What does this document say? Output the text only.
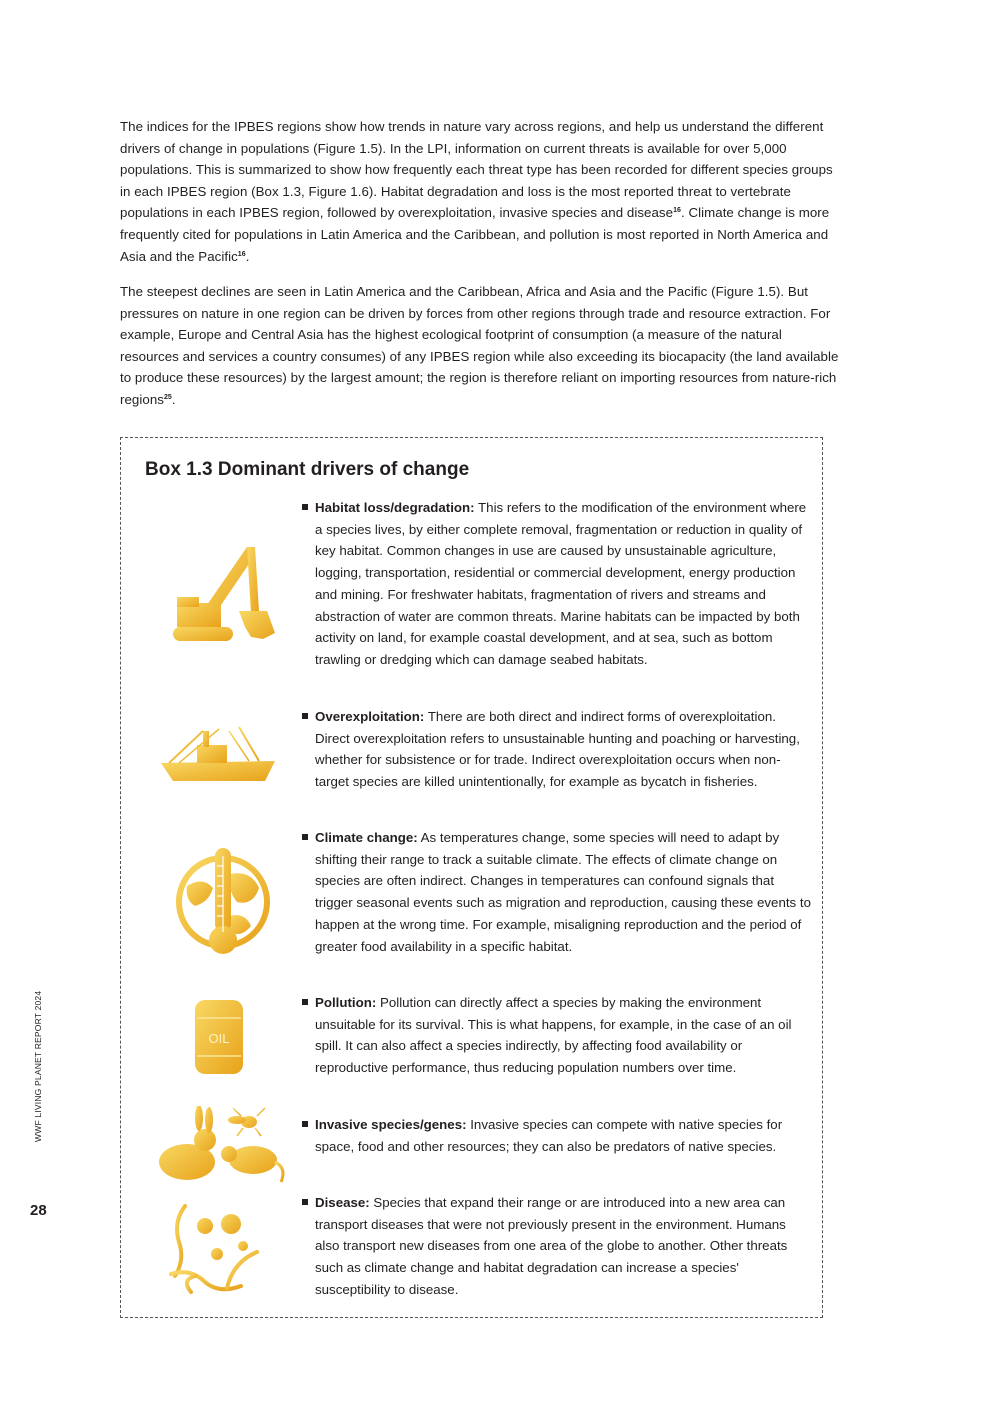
The indices for the IPBES regions show how trends in nature vary across regions, and help us understand the different drivers of change in populations (Figure 1.5). In the LPI, information on current threats is available for over 5,000 populations. This is summarized to show how frequently each threat type has been recorded for different species groups in each IPBES region (Box 1.3, Figure 1.6). Habitat degradation and loss is the most reported threat to vertebrate populations in each IPBES region, followed by overexploitation, invasive species and disease$^{16}$. Climate change is more frequently cited for populations in Latin America and the Caribbean, and pollution is most reported in North America and Asia and the Pacific$^{16}$.

The steepest declines are seen in Latin America and the Caribbean, Africa and Asia and the Pacific (Figure 1.5). But pressures on nature in one region can be driven by forces from other regions through trade and resource extraction. For example, Europe and Central Asia has the highest ecological footprint of consumption (a measure of the natural resources and services a country consumes) of any IPBES region while also exceeding its biocapacity (the land available to produce these resources) by the largest amount; the region is therefore reliant on importing resources from nature-rich regions$^{25}$.

Box 1.3 Dominant drivers of change
OIL
Habitat loss/degradation: This refers to the modification of the environment where a species lives, by either complete removal, fragmentation or reduction in quality of key habitat. Common changes in use are caused by unsustainable agriculture, logging, transportation, residential or commercial development, energy production and mining. For freshwater habitats, fragmentation of rivers and streams and abstraction of water are common threats. Marine habitats can be impacted by both activity on land, for example coastal development, and at sea, such as bottom trawling or dredging which can damage seabed habitats.
Overexploitation: There are both direct and indirect forms of overexploitation. Direct overexploitation refers to unsustainable hunting and poaching or harvesting, whether for subsistence or for trade. Indirect overexploitation occurs when non-target species are killed unintentionally, for example as bycatch in fisheries.
Climate change: As temperatures change, some species will need to adapt by shifting their range to track a suitable climate. The effects of climate change on species are often indirect. Changes in temperatures can confound signals that trigger seasonal events such as migration and reproduction, causing these events to happen at the wrong time. For example, misaligning reproduction and the period of greater food availability in a specific habitat.
Pollution: Pollution can directly affect a species by making the environment unsuitable for its survival. This is what happens, for example, in the case of an oil spill. It can also affect a species indirectly, by affecting food availability or reproductive performance, thus reducing population numbers over time.
Invasive species/genes: Invasive species can compete with native species for space, food and other resources; they can also be predators of native species.
Disease: Species that expand their range or are introduced into a new area can transport diseases that were not previously present in the environment. Humans also transport new diseases from one area of the globe to another. Other threats such as climate change and habitat degradation can increase a species' susceptibility to disease.
WWF LIVING PLANET REPORT 2024
28
